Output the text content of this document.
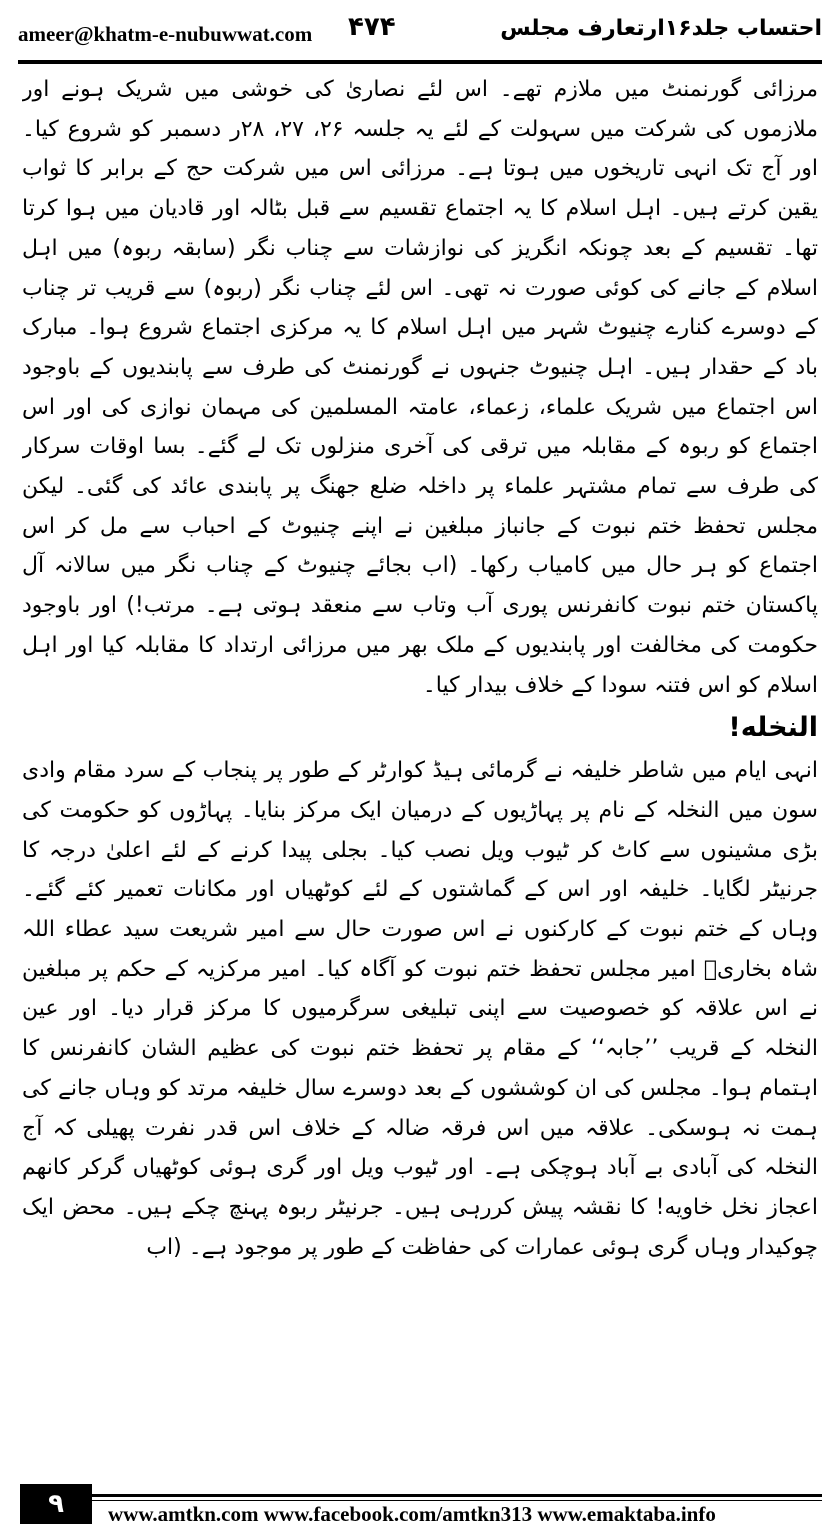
ameer@khatm-e-nubuwwat.com ۴۷۴	احتساب جلد۱۶ارتعارف مجلس

مرزائی گورنمنٹ میں ملازم تھے۔ اس لئے نصاریٰ کی خوشی میں شریک ہونے اور ملازموں کی شرکت میں سہولت کے لئے یہ جلسہ ۲۶، ۲۷، ۲۸ر دسمبر کو شروع کیا۔ اور آج تک انہی تاریخوں میں ہوتا ہے۔ مرزائی اس میں شرکت حج کے برابر کا ثواب یقین کرتے ہیں۔ اہل اسلام کا یہ اجتماع تقسیم سے قبل بٹالہ اور قادیان میں ہوا کرتا تھا۔ تقسیم کے بعد چونکہ انگریز کی نوازشات سے چناب نگر (سابقہ ربوہ) میں اہل اسلام کے جانے کی کوئی صورت نہ تھی۔ اس لئے چناب نگر (ربوہ) سے قریب تر چناب کے دوسرے کنارے چنیوٹ شہر میں اہل اسلام کا یہ مرکزی اجتماع شروع ہوا۔ مبارک باد کے حقدار ہیں۔ اہل چنیوٹ جنہوں نے گورنمنٹ کی طرف سے پابندیوں کے باوجود اس اجتماع میں شریک علماء، زعماء، عامتہ المسلمین کی مہمان نوازی کی اور اس اجتماع کو ربوہ کے مقابلہ میں ترقی کی آخری منزلوں تک لے گئے۔ بسا اوقات سرکار کی طرف سے تمام مشتہر علماء پر داخلہ ضلع جھنگ پر پابندی عائد کی گئی۔ لیکن مجلس تحفظ ختم نبوت کے جانباز مبلغین نے اپنے چنیوٹ کے احباب سے مل کر اس اجتماع کو ہر حال میں کامیاب رکھا۔ (اب بجائے چنیوٹ کے چناب نگر میں سالانہ آل پاکستان ختم نبوت کانفرنس پوری آب وتاب سے منعقد ہوتی ہے۔ مرتب!) اور باوجود حکومت کی مخالفت اور پابندیوں کے ملک بھر میں مرزائی ارتداد کا مقابلہ کیا اور اہل اسلام کو اس فتنہ سودا کے خلاف بیدار کیا۔

النخله!

انہی ایام میں شاطر خلیفہ نے گرمائی ہیڈ کوارٹر کے طور پر پنجاب کے سرد مقام وادی سون میں النخلہ کے نام پر پہاڑیوں کے درمیان ایک مرکز بنایا۔ پہاڑوں کو حکومت کی بڑی مشینوں سے کاٹ کر ٹیوب ویل نصب کیا۔ بجلی پیدا کرنے کے لئے اعلیٰ درجہ کا جرنیٹر لگایا۔ خلیفہ اور اس کے گماشتوں کے لئے کوٹھیاں اور مکانات تعمیر کئے گئے۔ وہاں کے ختم نبوت کے کارکنوں نے اس صورت حال سے امیر شریعت سید عطاء اللہ شاہ بخاریؒ امیر مجلس تحفظ ختم نبوت کو آگاہ کیا۔ امیر مرکزیہ کے حکم پر مبلغین نے اس علاقہ کو خصوصیت سے اپنی تبلیغی سرگرمیوں کا مرکز قرار دیا۔ اور عین النخلہ کے قریب ’’جابہ‘‘ کے مقام پر تحفظ ختم نبوت کی عظیم الشان کانفرنس کا اہتمام ہوا۔ مجلس کی ان کوششوں کے بعد دوسرے سال خلیفہ مرتد کو وہاں جانے کی ہمت نہ ہوسکی۔ علاقہ میں اس فرقہ ضالہ کے خلاف اس قدر نفرت پھیلی کہ آج النخلہ کی آبادی بے آباد ہوچکی ہے۔ اور ٹیوب ویل اور گری ہوئی کوٹھیاں گرکر کانهم اعجاز نخل خاویه! کا نقشہ پیش کررہی ہیں۔ جرنیٹر ربوہ پہنچ چکے ہیں۔ محض ایک چوکیدار وہاں گری ہوئی عمارات کی حفاظت کے طور پر موجود ہے۔ (اب

۹	www.amtkn.com www.facebook.com/amtkn313 www.emaktaba.info
